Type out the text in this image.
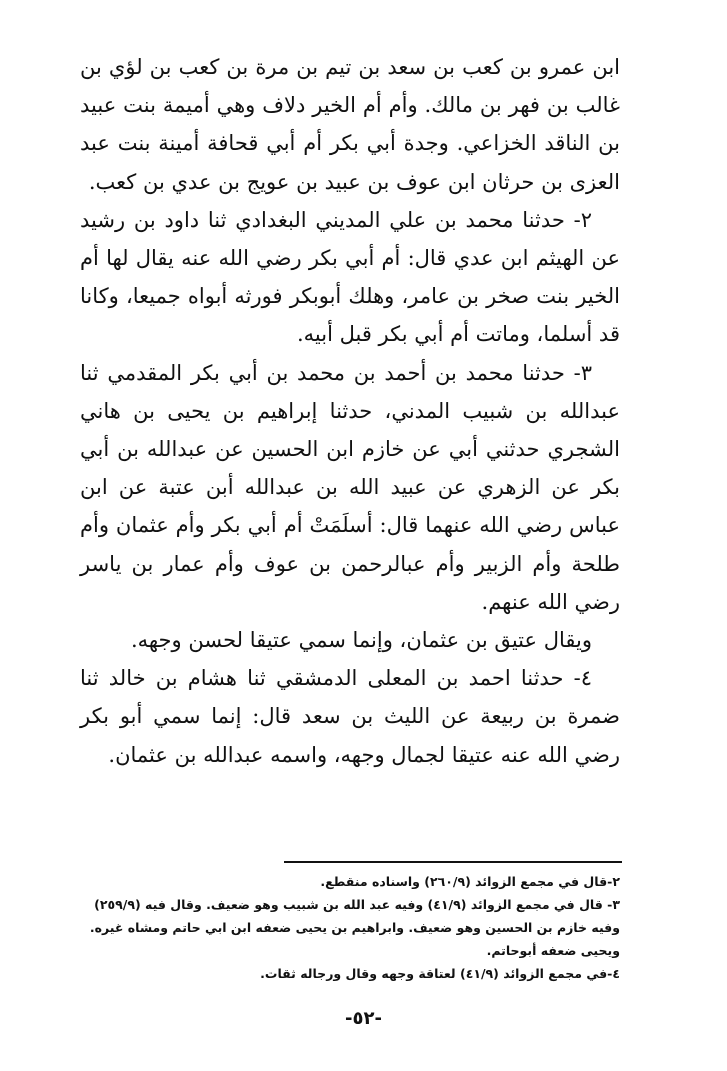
ابن عمرو بن كعب بن سعد بن تيم بن مرة بن كعب بن لؤي بن غالب بن فهر بن مالك. وأم أم الخير دلاف وهي أميمة بنت عبيد بن الناقد الخزاعي. وجدة أبي بكر أم أبي قحافة أمينة بنت عبد العزى بن حرثان ابن عوف بن عبيد بن عويج بن عدي بن كعب.

٢- حدثنا محمد بن علي المديني البغدادي ثنا داود بن رشيد عن الهيثم ابن عدي قال: أم أبي بكر رضي الله عنه يقال لها أم الخير بنت صخر بن عامر، وهلك أبوبكر فورثه أبواه جميعا، وكانا قد أسلما، وماتت أم أبي بكر قبل أبيه.

٣- حدثنا محمد بن أحمد بن محمد بن أبي بكر المقدمي ثنا عبدالله بن شبيب المدني، حدثنا إبراهيم بن يحيى بن هاني الشجري حدثني أبي عن خازم ابن الحسين عن عبدالله بن أبي بكر عن الزهري عن عبيد الله بن عبدالله أبن عتبة عن ابن عباس رضي الله عنهما قال: أسلَمَتْ أم أبي بكر وأم عثمان وأم طلحة وأم الزبير وأم عبالرحمن بن عوف وأم عمار بن ياسر رضي الله عنهم.

ويقال عتيق بن عثمان، وإنما سمي عتيقا لحسن وجهه.

٤- حدثنا احمد بن المعلى الدمشقي ثنا هشام بن خالد ثنا ضمرة بن ربيعة عن الليث بن سعد قال: إنما سمي أبو بكر رضي الله عنه عتيقا لجمال وجهه، واسمه عبدالله بن عثمان.

٢-قال في مجمع الزوائد (٢٦٠/٩) واسناده منقطع.

٣- قال في مجمع الزوائد (٤١/٩) وفيه عبد الله بن شبيب وهو ضعيف. وقال فيه (٢٥٩/٩) وفيه خازم بن الحسين وهو ضعيف. وابراهيم بن يحيى ضعفه ابن ابي حاتم ومشاه غيره. ويحيى ضعفه أبوحاتم.

٤-في مجمع الزوائد (٤١/٩) لعتاقة وجهه وقال ورجاله ثقات.

-٥٢-
